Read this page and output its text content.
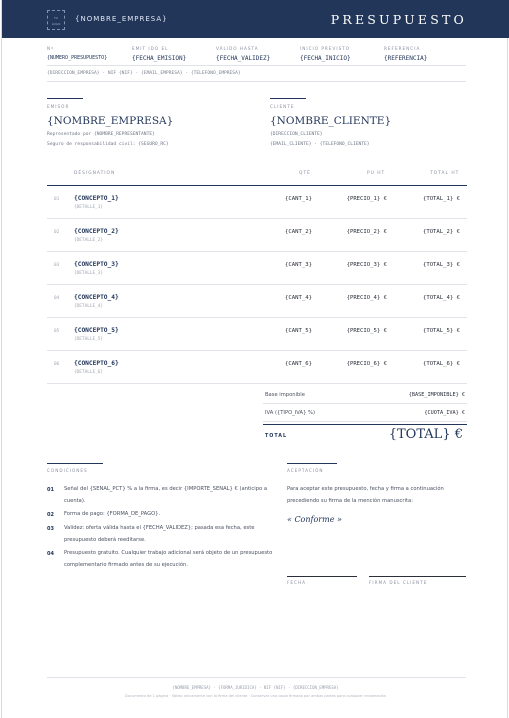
TU
LOGO
{NOMBRE_EMPRESA}	PRESUPUESTO
Nº
{NUMERO_PRESUPUESTO}
EMIT IDO EL
{FECHA_EMISION}
VÁLIDO HASTA
{FECHA_VALIDEZ}
INICIO PREVISTO
{FECHA_INICIO}
REFERENCIA
{REFERENCIA}
{DIRECCION_EMPRESA} · NIF {NIF} · {EMAIL_EMPRESA} · {TELEFONO_EMPRESA}
EMISOR
{NOMBRE_EMPRESA}
Representado por {NOMBRE_REPRESENTANTE}
Seguro de responsabilidad civil: {SEGURO_RC}
CLIENTE
{NOMBRE_CLIENTE}
{DIRECCION_CLIENTE}
{EMAIL_CLIENTE} · {TELEFONO_CLIENTE}
DÉSIGNATION	QTÉ	PU HT	TOTAL HT
01 {CONCEPTO_1}
{DETALLE_1}
{CANT_1}	{PRECIO_1} €	{TOTAL_1} €
02 {CONCEPTO_2}
{DETALLE_2}
{CANT_2}	{PRECIO_2} €	{TOTAL_2} €
03 {CONCEPTO_3}
{DETALLE_3}
{CANT_3}	{PRECIO_3} €	{TOTAL_3} €
04 {CONCEPTO_4}
{DETALLE_4}
{CANT_4}	{PRECIO_4} €	{TOTAL_4} €
05 {CONCEPTO_5}
{DETALLE_5}
{CANT_5}	{PRECIO_5} €	{TOTAL_5} €
06 {CONCEPTO_6}
{DETALLE_6}
{CANT_6}	{PRECIO_6} €	{TOTAL_6} €
Base imponible	{BASE_IMPONIBLE} €
IVA ({TIPO_IVA} %)	{CUOTA_IVA} €
TOTAL	{TOTAL} €
CONDICIONES
01 Señal del {SENAL_PCT} % a la firma, es decir {IMPORTE_SENAL} € (anticipo a cuenta).
02 Forma de pago: {FORMA_DE_PAGO}.
03 Validez: oferta válida hasta el {FECHA_VALIDEZ}; pasada esa fecha, este presupuesto deberá reeditarse.
04 Presupuesto gratuito. Cualquier trabajo adicional será objeto de un presupuesto complementario firmado antes de su ejecución.
ACEPTACIÓN
Para aceptar este presupuesto, fecha y firma a continuación precediendo su firma de la mención manuscrita:
« Conforme »
FECHA	FIRMA DEL CLIENTE
{NOMBRE_EMPRESA} · {FORMA_JURIDICA} · NIF {NIF} · {DIRECCION_EMPRESA}
Documento de 1 página · Válido únicamente con la firma del cliente · Conservar una copia firmada por ambas partes para cualquier reclamación
